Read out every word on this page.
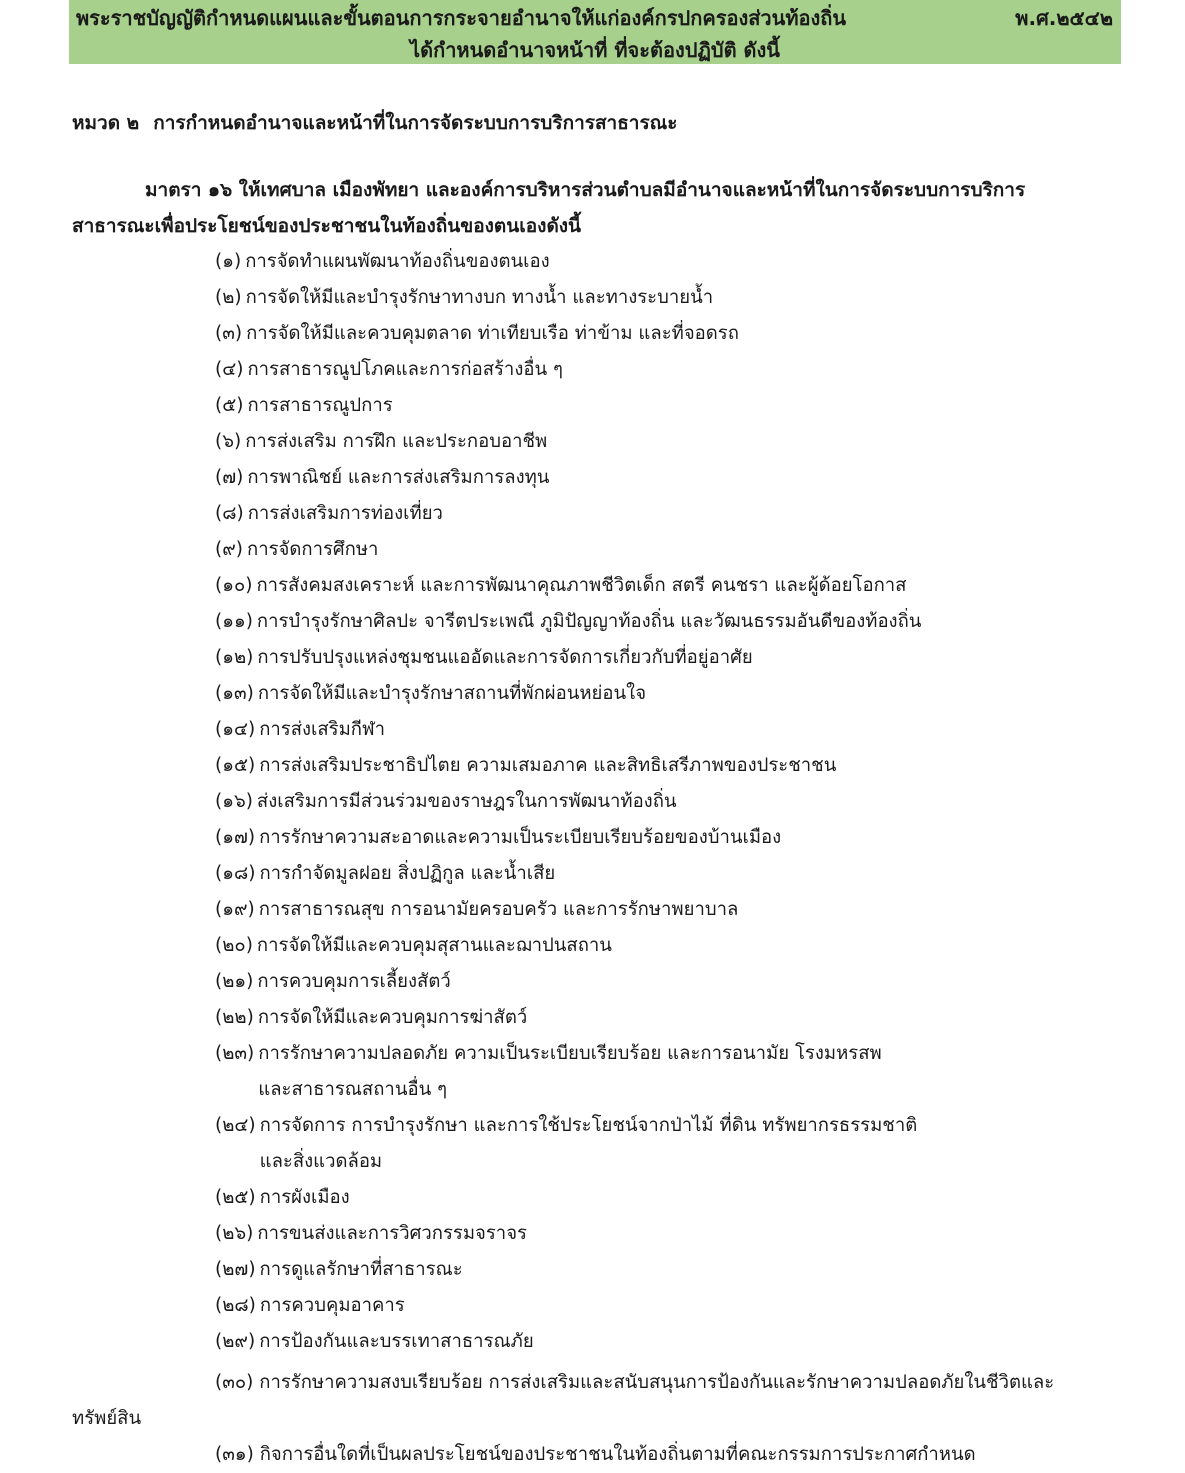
พระราชบัญญัติกำหนดแผนและขั้นตอนการกระจายอำนาจให้แก่องค์กรปกครองส่วนท้องถิ่น	พ.ศ.๒๕๔๒
ได้กำหนดอำนาจหน้าที่ ที่จะต้องปฏิบัติ ดังนี้
หมวด ๒ การกำหนดอำนาจและหน้าที่ในการจัดระบบการบริการสาธารณะ
มาตรา ๑๖ ให้เทศบาล เมืองพัทยา และองค์การบริหารส่วนตำบลมีอำนาจและหน้าที่ในการจัดระบบการบริการ
สาธารณะเพื่อประโยชน์ของประชาชนในท้องถิ่นของตนเองดังนี้
(๑) การจัดทำแผนพัฒนาท้องถิ่นของตนเอง
(๒) การจัดให้มีและบำรุงรักษาทางบก ทางน้ำ และทางระบายน้ำ
(๓) การจัดให้มีและควบคุมตลาด ท่าเทียบเรือ ท่าข้าม และที่จอดรถ
(๔) การสาธารณูปโภคและการก่อสร้างอื่น ๆ
(๕) การสาธารณูปการ
(๖) การส่งเสริม การฝึก และประกอบอาชีพ
(๗) การพาณิชย์ และการส่งเสริมการลงทุน
(๘) การส่งเสริมการท่องเที่ยว
(๙) การจัดการศึกษา
(๑๐) การสังคมสงเคราะห์ และการพัฒนาคุณภาพชีวิตเด็ก สตรี คนชรา และผู้ด้อยโอกาส
(๑๑) การบำรุงรักษาศิลปะ จารีตประเพณี ภูมิปัญญาท้องถิ่น และวัฒนธรรมอันดีของท้องถิ่น
(๑๒) การปรับปรุงแหล่งชุมชนแออัดและการจัดการเกี่ยวกับที่อยู่อาศัย
(๑๓) การจัดให้มีและบำรุงรักษาสถานที่พักผ่อนหย่อนใจ
(๑๔) การส่งเสริมกีฬา
(๑๕) การส่งเสริมประชาธิปไตย ความเสมอภาค และสิทธิเสรีภาพของประชาชน
(๑๖) ส่งเสริมการมีส่วนร่วมของราษฎรในการพัฒนาท้องถิ่น
(๑๗) การรักษาความสะอาดและความเป็นระเบียบเรียบร้อยของบ้านเมือง
(๑๘) การกำจัดมูลฝอย สิ่งปฏิกูล และน้ำเสีย
(๑๙) การสาธารณสุข การอนามัยครอบครัว และการรักษาพยาบาล
(๒๐) การจัดให้มีและควบคุมสุสานและฌาปนสถาน
(๒๑) การควบคุมการเลี้ยงสัตว์
(๒๒) การจัดให้มีและควบคุมการฆ่าสัตว์
(๒๓) การรักษาความปลอดภัย ความเป็นระเบียบเรียบร้อย และการอนามัย โรงมหรสพ
และสาธารณสถานอื่น ๆ
(๒๔) การจัดการ การบำรุงรักษา และการใช้ประโยชน์จากป่าไม้ ที่ดิน ทรัพยากรธรรมชาติ
และสิ่งแวดล้อม
(๒๕) การผังเมือง
(๒๖) การขนส่งและการวิศวกรรมจราจร
(๒๗) การดูแลรักษาที่สาธารณะ
(๒๘) การควบคุมอาคาร
(๒๙) การป้องกันและบรรเทาสาธารณภัย
(๓๐) การรักษาความสงบเรียบร้อย การส่งเสริมและสนับสนุนการป้องกันและรักษาความปลอดภัยในชีวิตและ
ทรัพย์สิน
(๓๑) กิจการอื่นใดที่เป็นผลประโยชน์ของประชาชนในท้องถิ่นตามที่คณะกรรมการประกาศกำหนด
